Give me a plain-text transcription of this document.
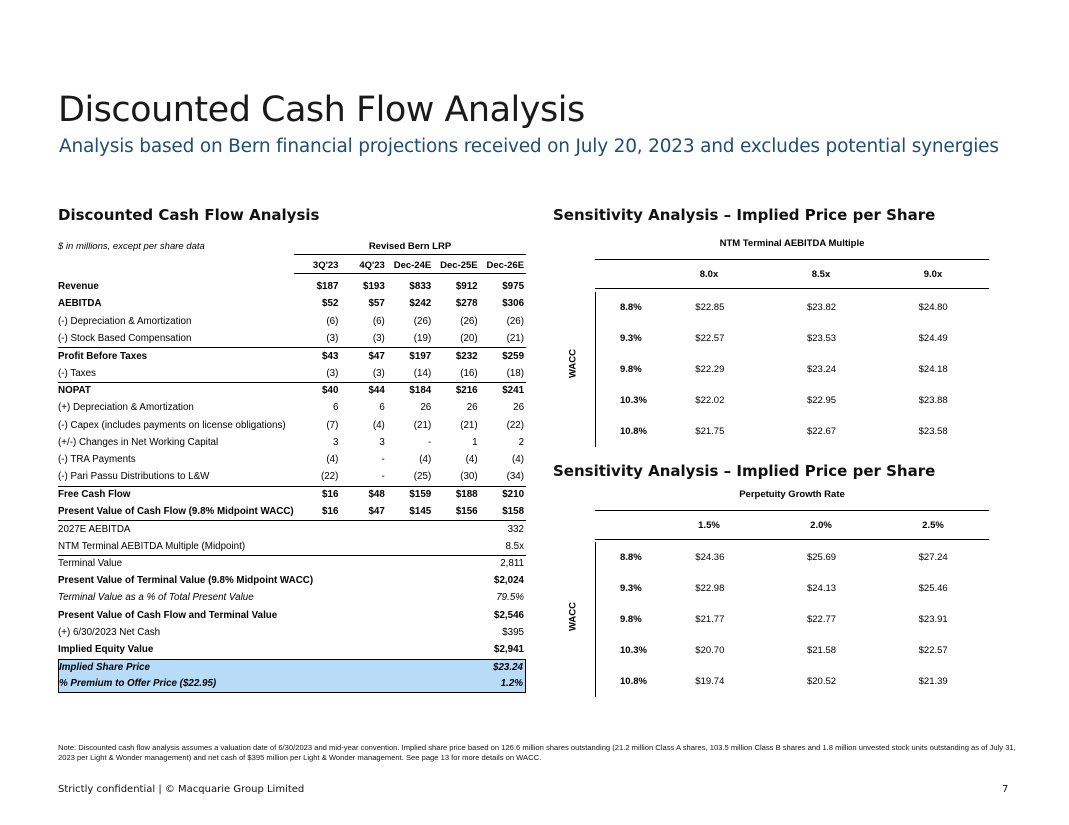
Discounted Cash Flow Analysis
Analysis based on Bern financial projections received on July 20, 2023 and excludes potential synergies
Discounted Cash Flow Analysis
$ in millions, except per share data	Revised Bern LRP
3Q'23	4Q'23 Dec-24E Dec-25E Dec-26E
Revenue	$187	$193	$833	$912	$975
AEBITDA	$52	$57	$242	$278	$306
(-) Depreciation & Amortization	(6)	(6)	(26)	(26)	(26)
(-) Stock Based Compensation	(3)	(3)	(19)	(20)	(21)
Profit Before Taxes	$43	$47	$197	$232	$259
(-) Taxes	(3)	(3)	(14)	(16)	(18)
NOPAT	$40	$44	$184	$216	$241
(+) Depreciation & Amortization	6	6	26	26	26
(-) Capex (includes payments on license obligations)	(7)	(4)	(21)	(21)	(22)
(+/-) Changes in Net Working Capital	3	3	-	1	2
(-) TRA Payments	(4)	-	(4)	(4)	(4)
(-) Pari Passu Distributions to L&W	(22)	-	(25)	(30)	(34)
Free Cash Flow	$16	$48	$159	$188	$210
Present Value of Cash Flow (9.8% Midpoint WACC)	$16	$47	$145	$156	$158
2027E AEBITDA	332
NTM Terminal AEBITDA Multiple (Midpoint)	8.5x
Terminal Value	2,811
Present Value of Terminal Value (9.8% Midpoint WACC)	$2,024
Terminal Value as a % of Total Present Value	79.5%
Present Value of Cash Flow and Terminal Value	$2,546
(+) 6/30/2023 Net Cash	$395
Implied Equity Value	$2,941
Implied Share Price	$23.24
% Premium to Offer Price ($22.95)	1.2%
Sensitivity Analysis – Implied Price per Share
NTM Terminal AEBITDA Multiple
8.0x	8.5x	9.0x
WACC
8.8%	$22.85	$23.82	$24.80
9.3%	$22.57	$23.53	$24.49
9.8%	$22.29	$23.24	$24.18
10.3%	$22.02	$22.95	$23.88
10.8%	$21.75	$22.67	$23.58
Sensitivity Analysis – Implied Price per Share
Perpetuity Growth Rate
1.5%	2.0%	2.5%
WACC
8.8%	$24.36	$25.69	$27.24
9.3%	$22.98	$24.13	$25.46
9.8%	$21.77	$22.77	$23.91
10.3%	$20.70	$21.58	$22.57
10.8%	$19.74	$20.52	$21.39
Note: Discounted cash flow analysis assumes a valuation date of 6/30/2023 and mid-year convention. Implied share price based on 126.6 million shares outstanding (21.2 million Class A shares, 103.5 million Class B shares and 1.8 million unvested stock units outstanding as of July 31, 2023 per Light & Wonder management) and net cash of $395 million per Light & Wonder management. See page 13 for more details on WACC.
Strictly confidential | © Macquarie Group Limited	7
